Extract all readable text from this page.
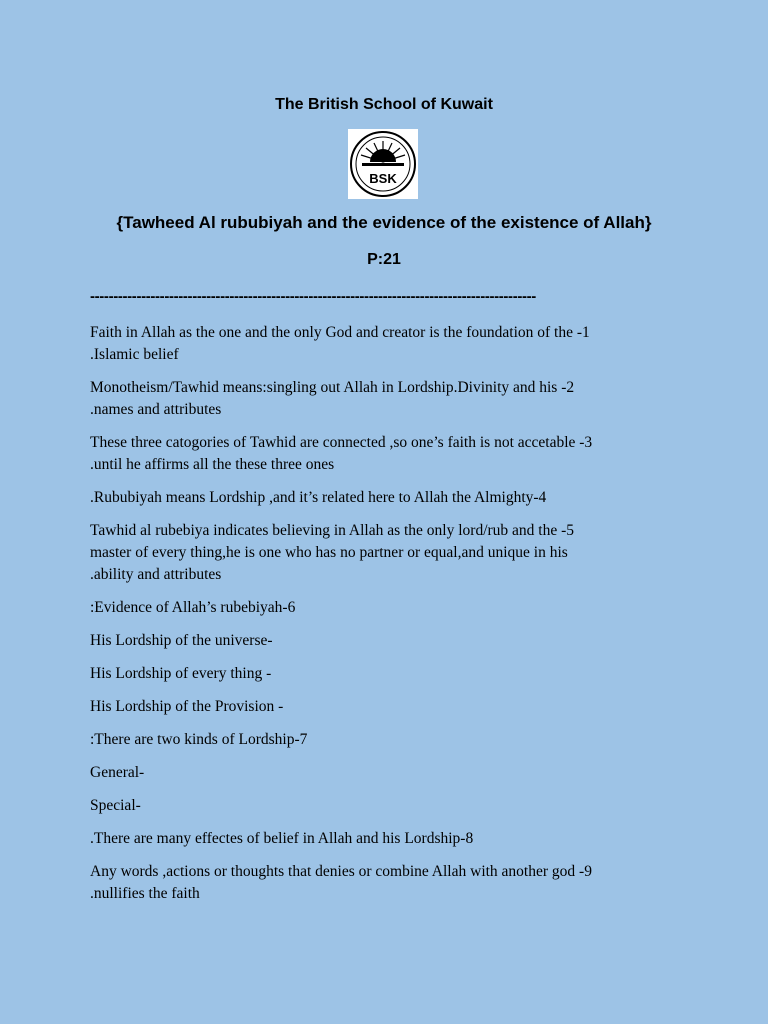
The British School of Kuwait
BSK
{Tawheed Al rububiyah and the evidence of the existence of Allah}
P:21
------------------------------------------------------------------------------------------------

Faith in Allah as the one and the only God and creator is the foundation of the -1
.Islamic belief

Monotheism/Tawhid means:singling out Allah in Lordship.Divinity and his -2
.names and attributes

These three catogories of Tawhid are connected ,so one’s faith is not accetable -3
.until he affirms all the these three ones

.Rububiyah means Lordship ,and it’s related here to Allah the Almighty-4

Tawhid al rubebiya indicates believing in Allah as the only lord/rub and the -5
master of every thing,he is one who has no partner or equal,and unique in his
.ability and attributes

:Evidence of Allah’s rubebiyah-6

His Lordship of the universe-

His Lordship of every thing -

His Lordship of the Provision -

:There are two kinds of Lordship-7

General-

Special-

.There are many effectes of belief in Allah and his Lordship-8

Any words ,actions or thoughts that denies or combine Allah with another god -9
.nullifies the faith
